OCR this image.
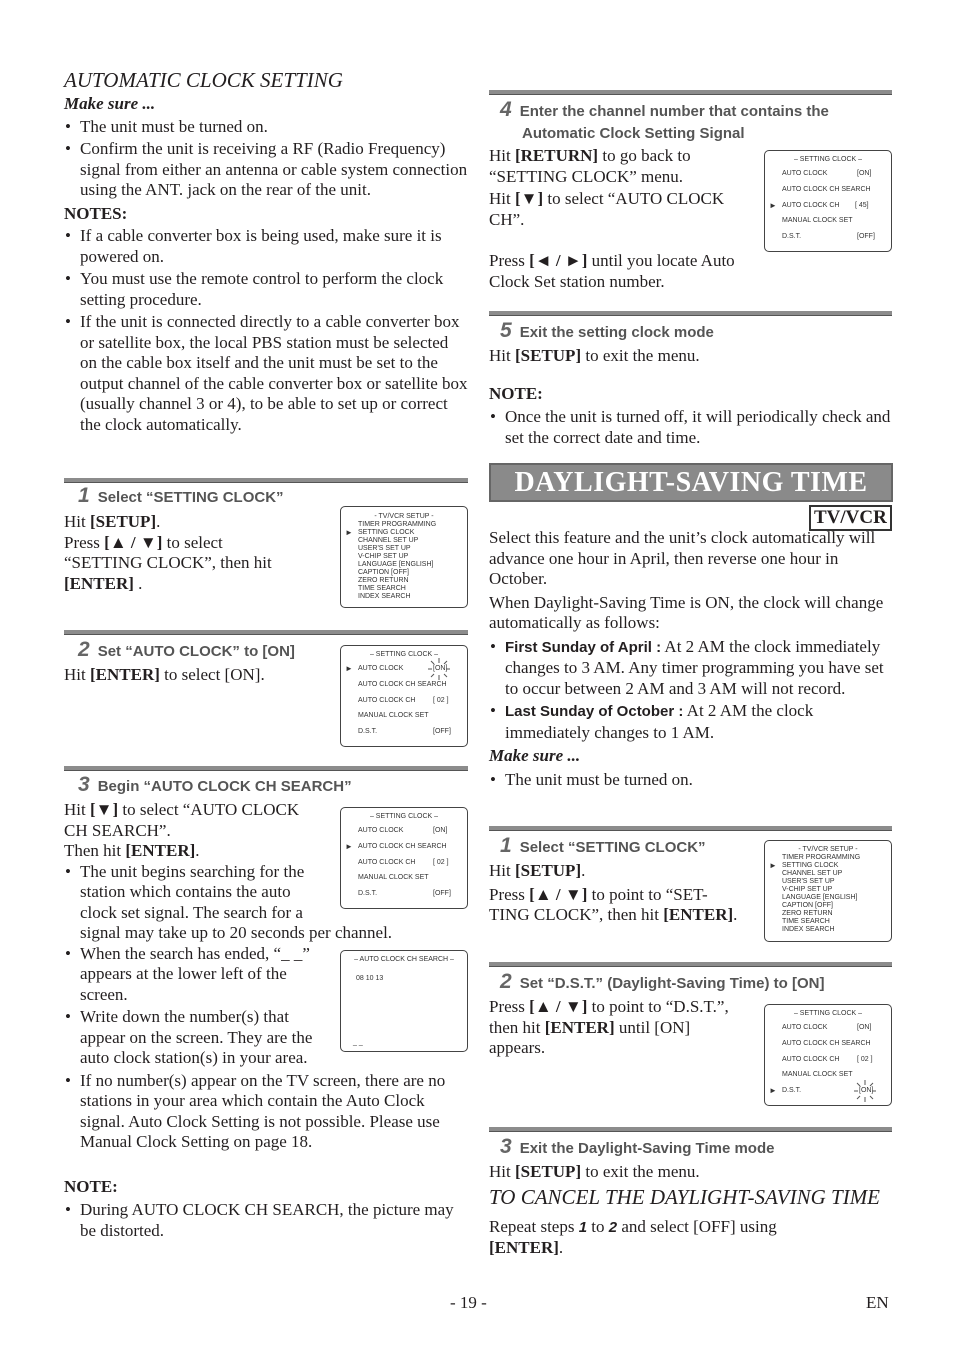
AUTOMATIC CLOCK SETTING
Make sure ...
• The unit must be turned on.
• Confirm the unit is receiving a RF (Radio Frequency) signal from either an antenna or cable system connection using the ANT. jack on the rear of the unit.
NOTES:
• If a cable converter box is being used, make sure it is powered on.
• You must use the remote control to perform the clock setting procedure.
• If the unit is connected directly to a cable converter box or satellite box, the local PBS station must be selected on the cable box itself and the unit must be set to the output channel of the cable converter box or satellite box (usually channel 3 or 4), to be able to set up or correct the clock automatically.
1 Select “SETTING CLOCK”
Hit [SETUP].
Press [▲ / ▼] to select
“SETTING CLOCK”, then hit
[ENTER] .
- TV/VCR SETUP -
►
TIMER PROGRAMMING
SETTING CLOCK
CHANNEL SET UP
USER'S SET UP
V-CHIP SET UP
LANGUAGE [ENGLISH]
CAPTION [OFF]
ZERO RETURN
TIME SEARCH
INDEX SEARCH
2 Set “AUTO CLOCK” to [ON]
Hit [ENTER] to select [ON].
– SETTING CLOCK –
► AUTO CLOCK	[ON]
AUTO CLOCK CH SEARCH
AUTO CLOCK CH	[ 02 ]
MANUAL CLOCK SET
D.S.T.	[OFF]
3 Begin “AUTO CLOCK CH SEARCH”
Hit [▼] to select “AUTO CLOCK
CH SEARCH”.
Then hit [ENTER].
• The unit begins searching for the
station which contains the auto
clock set signal. The search for a
signal may take up to 20 seconds per channel.
• When the search has ended, “_ _”
appears at the lower left of the
screen.
• Write down the number(s) that
appear on the screen. They are the
auto clock station(s) in your area.
• If no number(s) appear on the TV screen, there are no stations in your area which contain the Auto Clock signal. Auto Clock Setting is not possible. Please use Manual Clock Setting on page 18.
NOTE:
• During AUTO CLOCK CH SEARCH, the picture may be distorted.
– SETTING CLOCK –
AUTO CLOCK	[ON]
► AUTO CLOCK CH SEARCH
AUTO CLOCK CH	[ 02 ]
MANUAL CLOCK SET
D.S.T.	[OFF]
– AUTO CLOCK CH SEARCH –
08 10 13
_ _
4 Enter the channel number that contains the
Automatic Clock Setting Signal
Hit [RETURN] to go back to
“SETTING CLOCK” menu.
Hit [▼] to select “AUTO CLOCK
CH”.
Press [◄ / ►] until you locate Auto
Clock Set station number.
– SETTING CLOCK –
AUTO CLOCK	[ON]
AUTO CLOCK CH SEARCH
► AUTO CLOCK CH [ 45]
MANUAL CLOCK SET
D.S.T.	[OFF]
5 Exit the setting clock mode
Hit [SETUP] to exit the menu.
NOTE:
• Once the unit is turned off, it will periodically check and set the correct date and time.
DAYLIGHT-SAVING TIME
TV/VCR
Select this feature and the unit’s clock automatically will advance one hour in April, then reverse one hour in October.
When Daylight-Saving Time is ON, the clock will change automatically as follows:
• First Sunday of April : At 2 AM the clock immediately changes to 3 AM. Any timer programming you have set to occur between 2 AM and 3 AM will not record.
• Last Sunday of October : At 2 AM the clock immediately changes to 1 AM.
Make sure ...
• The unit must be turned on.
1 Select “SETTING CLOCK”
Hit [SETUP].
Press [▲ / ▼] to point to “SET-
TING CLOCK”, then hit [ENTER].
- TV/VCR SETUP -
►
TIMER PROGRAMMING
SETTING CLOCK
CHANNEL SET UP
USER'S SET UP
V-CHIP SET UP
LANGUAGE [ENGLISH]
CAPTION [OFF]
ZERO RETURN
TIME SEARCH
INDEX SEARCH
2 Set “D.S.T.” (Daylight-Saving Time) to [ON]
Press [▲ / ▼] to point to “D.S.T.”,
then hit [ENTER] until [ON]
appears.
– SETTING CLOCK –
AUTO CLOCK	[ON]
AUTO CLOCK CH SEARCH
AUTO CLOCK CH	[ 02 ]
MANUAL CLOCK SET
► D.S.T.	[ON]
3 Exit the Daylight-Saving Time mode
Hit [SETUP] to exit the menu.
TO CANCEL THE DAYLIGHT-SAVING TIME
Repeat steps 1 to 2 and select [OFF] using
[ENTER].
- 19 -	EN
